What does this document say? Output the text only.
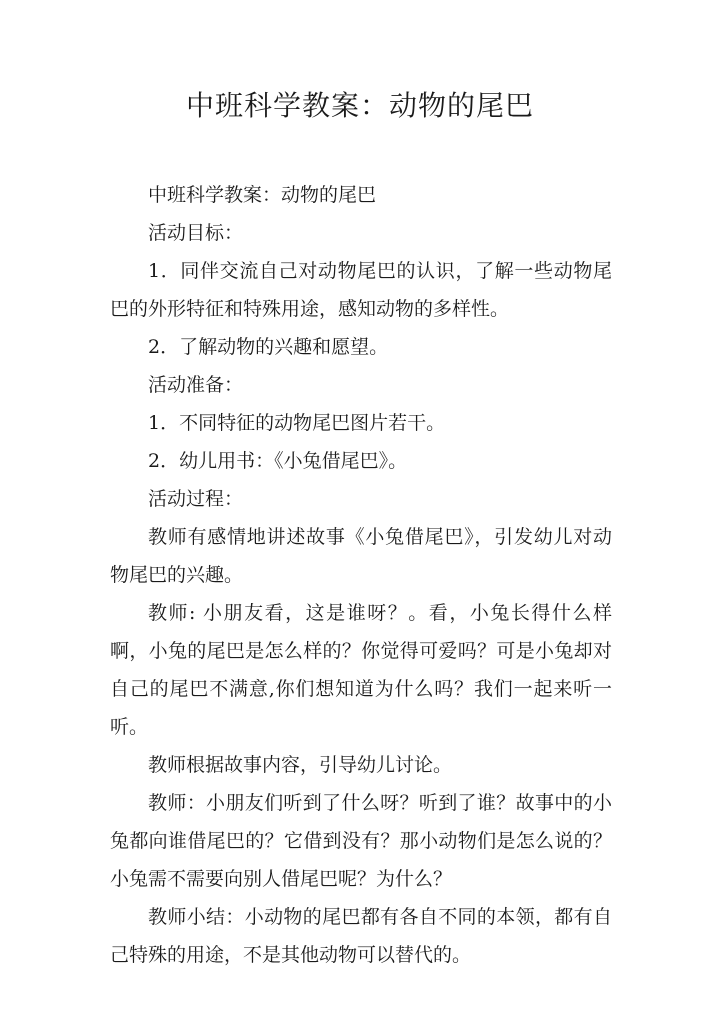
中班科学教案：动物的尾巴

中班科学教案：动物的尾巴

活动目标：

1．同伴交流自己对动物尾巴的认识，了解一些动物尾巴的外形特征和特殊用途，感知动物的多样性。

2．了解动物的兴趣和愿望。

活动准备：

1．不同特征的动物尾巴图片若干。

2．幼儿用书：《小兔借尾巴》。

活动过程：

教师有感情地讲述故事《小兔借尾巴》，引发幼儿对动物尾巴的兴趣。

教师: 小朋友看，这是谁呀？。看，小兔长得什么样啊，小兔的尾巴是怎么样的？你觉得可爱吗？可是小兔却对自己的尾巴不满意,你们想知道为什么吗？我们一起来听一听。

教师根据故事内容，引导幼儿讨论。

教师：小朋友们听到了什么呀？听到了谁？故事中的小兔都向谁借尾巴的？它借到没有？那小动物们是怎么说的？小兔需不需要向别人借尾巴呢？为什么？

教师小结：小动物的尾巴都有各自不同的本领，都有自己特殊的用途，不是其他动物可以替代的。
